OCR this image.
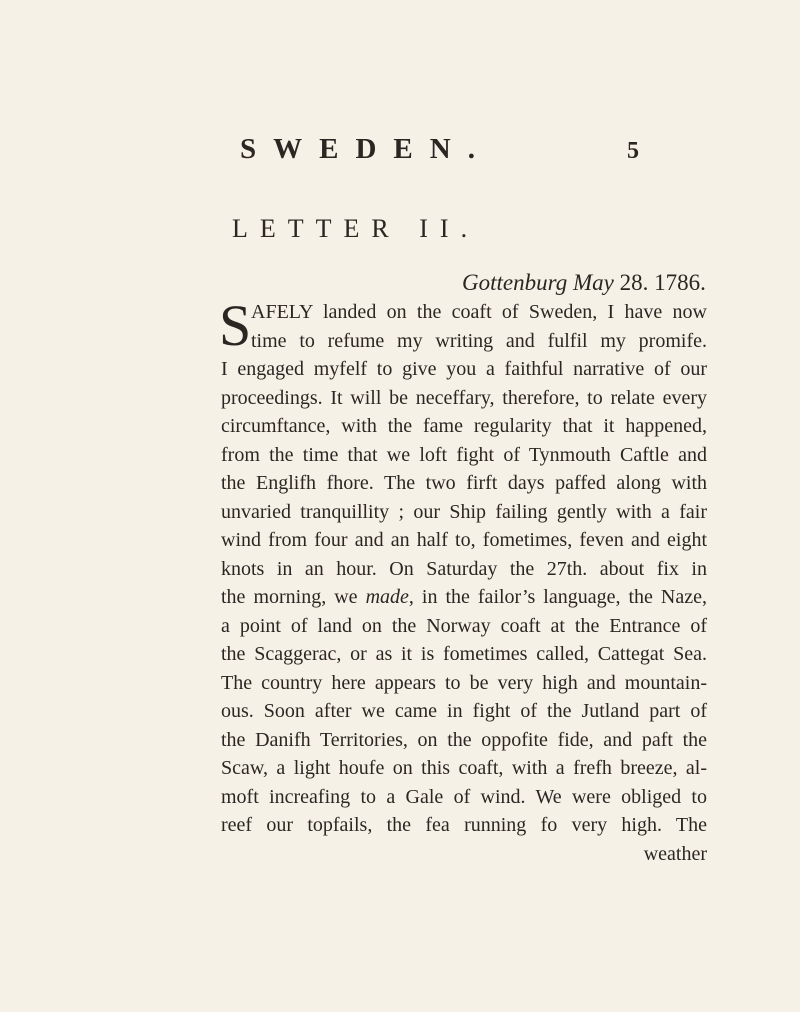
SWEDEN.	5
LETTER II.
Gottenburg May 28. 1786.
S AFELY landed on the coaft of Sweden, I have now
time to refume my writing and fulfil my promife.
I engaged myfelf to give you a faithful narrative of our
proceedings. It will be neceffary, therefore, to relate every
circumftance, with the fame regularity that it happened,
from the time that we loft fight of Tynmouth Caftle and
the Englifh fhore. The two firft days paffed along with
unvaried tranquillity ; our Ship failing gently with a fair
wind from four and an half to, fometimes, feven and eight
knots in an hour. On Saturday the 27th. about fix in
the morning, we made, in the failor’s language, the Naze,
a point of land on the Norway coaft at the Entrance of
the Scaggerac, or as it is fometimes called, Cattegat Sea.
The country here appears to be very high and mountain-
ous. Soon after we came in fight of the Jutland part of
the Danifh Territories, on the oppofite fide, and paft the
Scaw, a light houfe on this coaft, with a frefh breeze, al-
moft increafing to a Gale of wind. We were obliged to
reef our topfails, the fea running fo very high. The
weather
